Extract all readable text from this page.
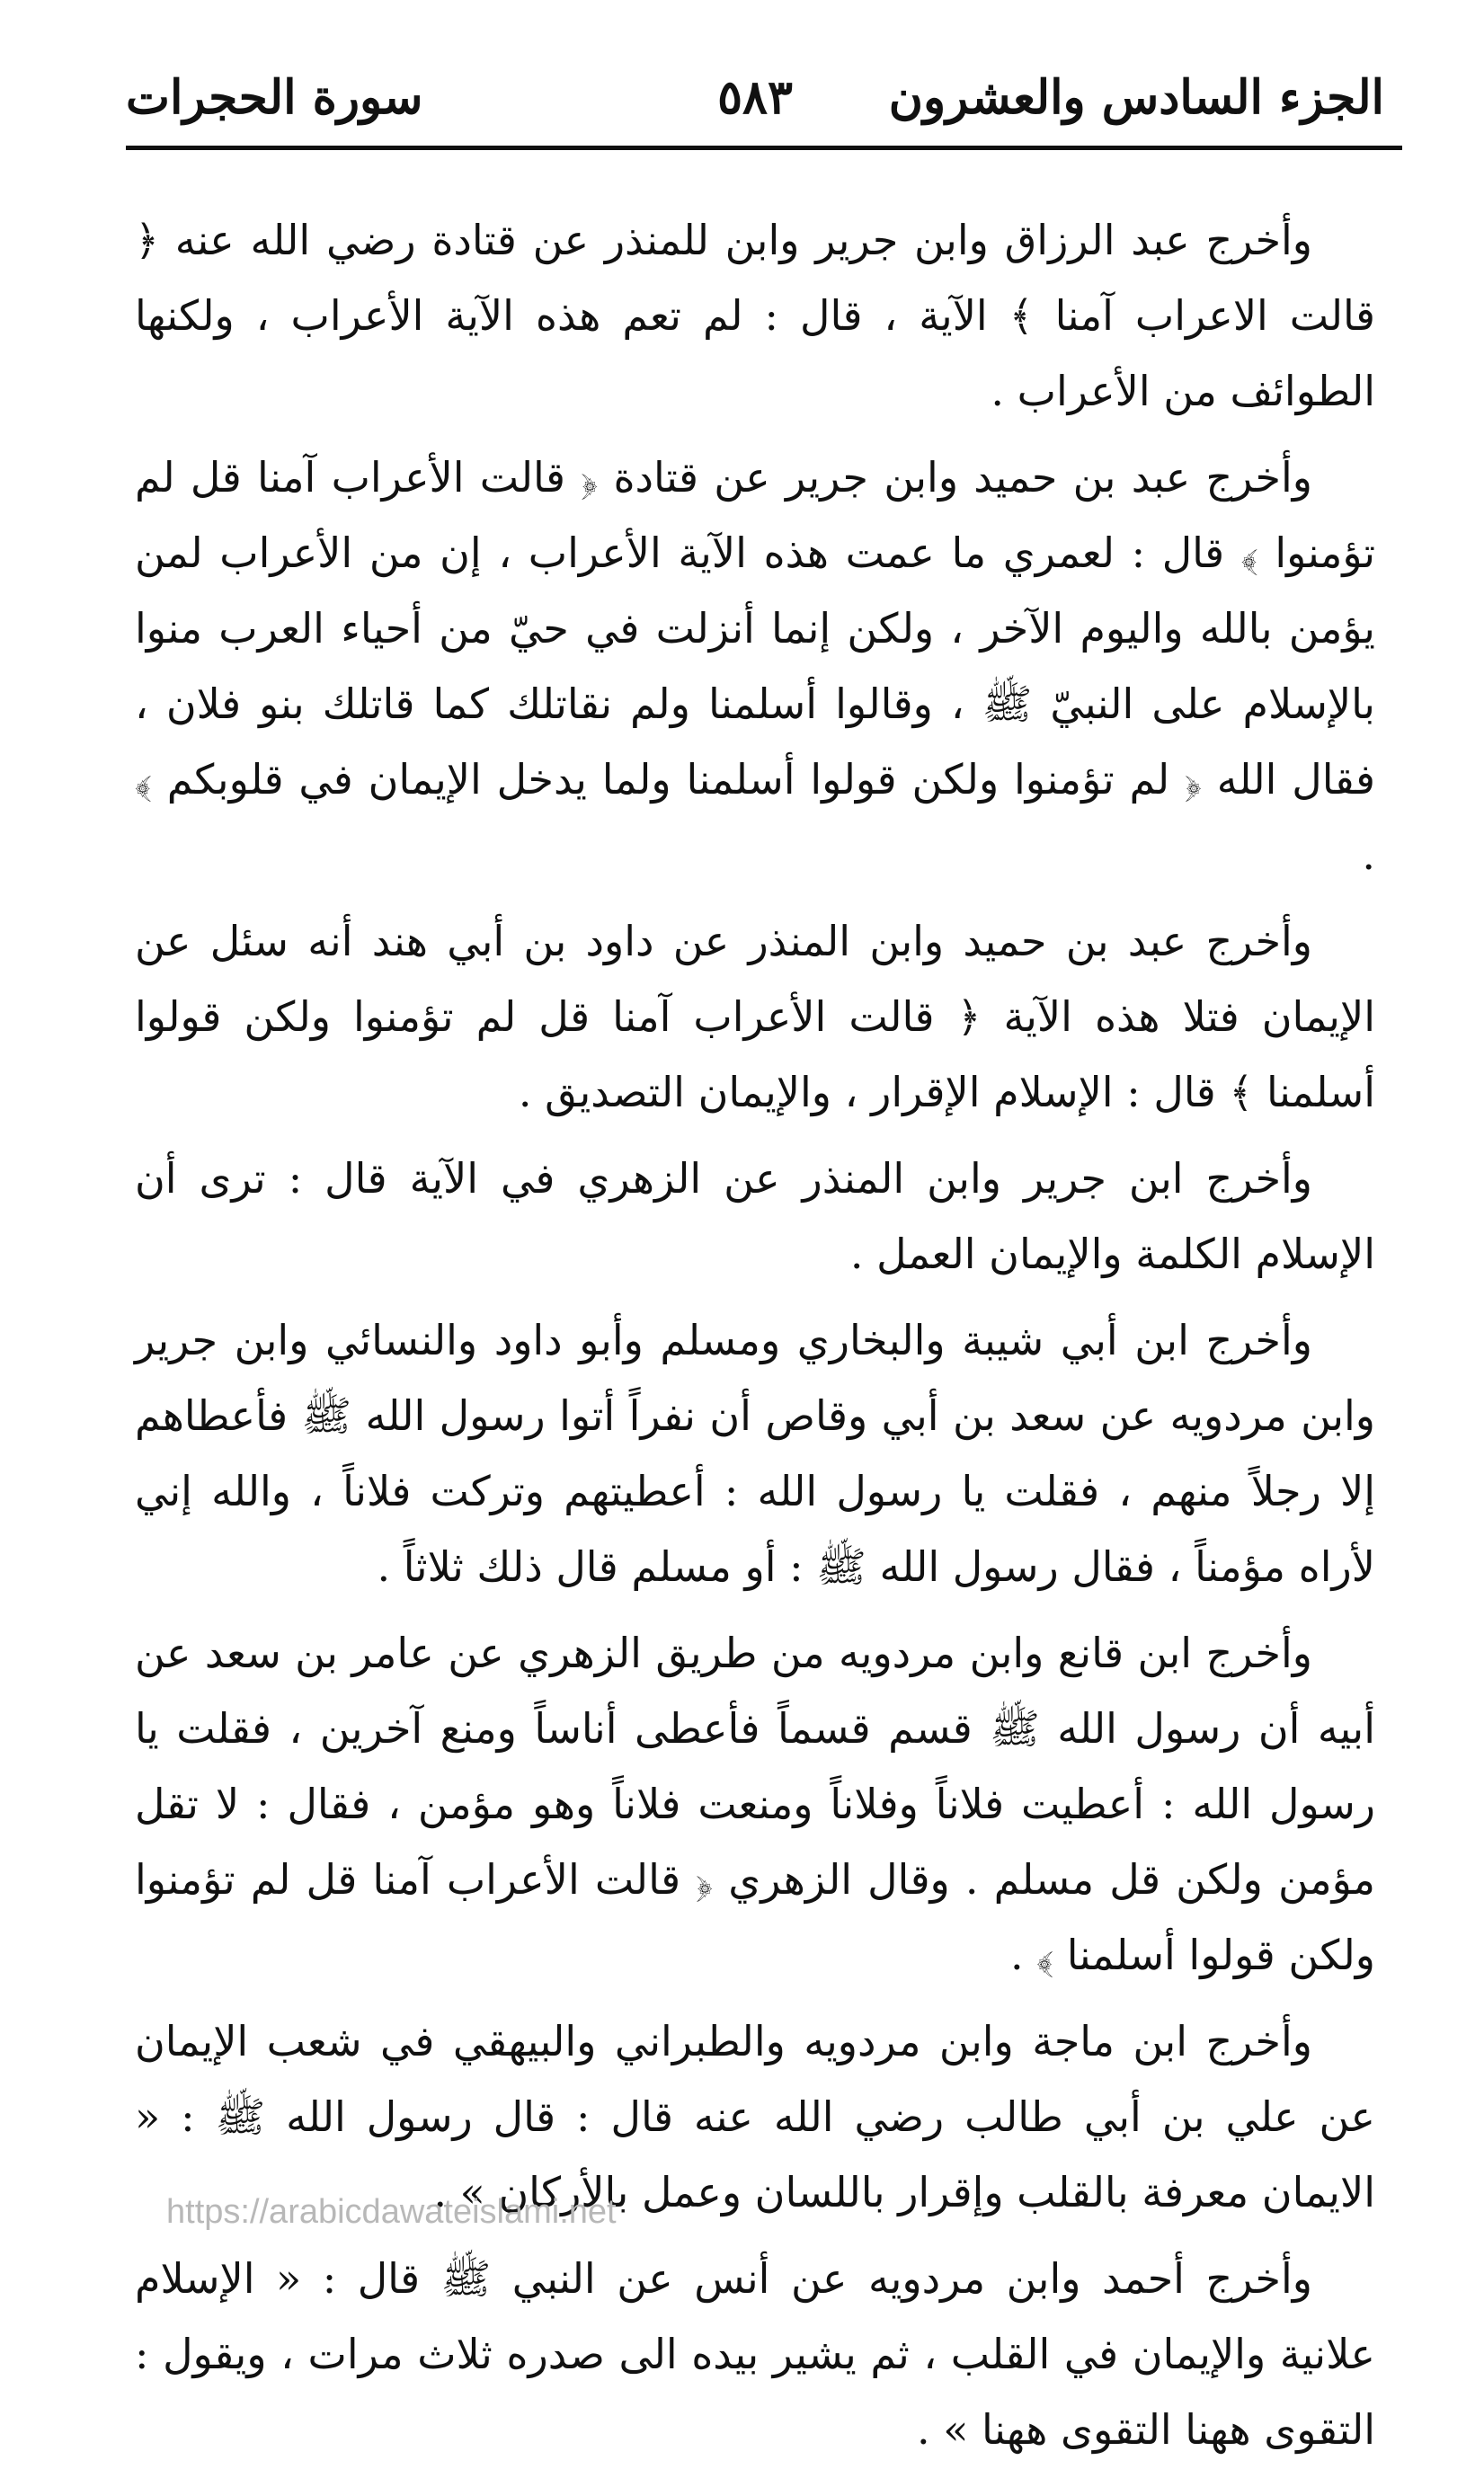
الجزء السادس والعشرون
٥٨٣
سورة الحجرات

وأخرج عبد الرزاق وابن جرير وابن للمنذر عن قتادة رضي الله عنه ﴿ قالت الاعراب آمنا ﴾ الآية ، قال : لم تعم هذه الآية الأعراب ، ولكنها الطوائف من الأعراب .

وأخرج عبد بن حميد وابن جرير عن قتادة ﴿ قالت الأعراب آمنا قل لم تؤمنوا ﴾ قال : لعمري ما عمت هذه الآية الأعراب ، إن من الأعراب لمن يؤمن بالله واليوم الآخر ، ولكن إنما أنزلت في حيّ من أحياء العرب منوا بالإسلام على النبيّ ﷺ ، وقالوا أسلمنا ولم نقاتلك كما قاتلك بنو فلان ، فقال الله ﴿ لم تؤمنوا ولكن قولوا أسلمنا ولما يدخل الإيمان في قلوبكم ﴾ .

وأخرج عبد بن حميد وابن المنذر عن داود بن أبي هند أنه سئل عن الإيمان فتلا هذه الآية ﴿ قالت الأعراب آمنا قل لم تؤمنوا ولكن قولوا أسلمنا ﴾ قال : الإسلام الإقرار ، والإيمان التصديق .

وأخرج ابن جرير وابن المنذر عن الزهري في الآية قال : ترى أن الإسلام الكلمة والإيمان العمل .

وأخرج ابن أبي شيبة والبخاري ومسلم وأبو داود والنسائي وابن جرير وابن مردويه عن سعد بن أبي وقاص أن نفراً أتوا رسول الله ﷺ فأعطاهم إلا رجلاً منهم ، فقلت يا رسول الله : أعطيتهم وتركت فلاناً ، والله إني لأراه مؤمناً ، فقال رسول الله ﷺ : أو مسلم قال ذلك ثلاثاً .

وأخرج ابن قانع وابن مردويه من طريق الزهري عن عامر بن سعد عن أبيه أن رسول الله ﷺ قسم قسماً فأعطى أناساً ومنع آخرين ، فقلت يا رسول الله : أعطيت فلاناً وفلاناً ومنعت فلاناً وهو مؤمن ، فقال : لا تقل مؤمن ولكن قل مسلم . وقال الزهري ﴿ قالت الأعراب آمنا قل لم تؤمنوا ولكن قولوا أسلمنا ﴾ .

وأخرج ابن ماجة وابن مردويه والطبراني والبيهقي في شعب الإيمان عن علي بن أبي طالب رضي الله عنه قال : قال رسول الله ﷺ : « الايمان معرفة بالقلب وإقرار باللسان وعمل بالأركان » .

وأخرج أحمد وابن مردويه عن أنس عن النبي ﷺ قال : « الإسلام علانية والإيمان في القلب ، ثم يشير بيده الى صدره ثلاث مرات ، ويقول : التقوى ههنا التقوى ههنا » .

https://arabicdawateislami.net
